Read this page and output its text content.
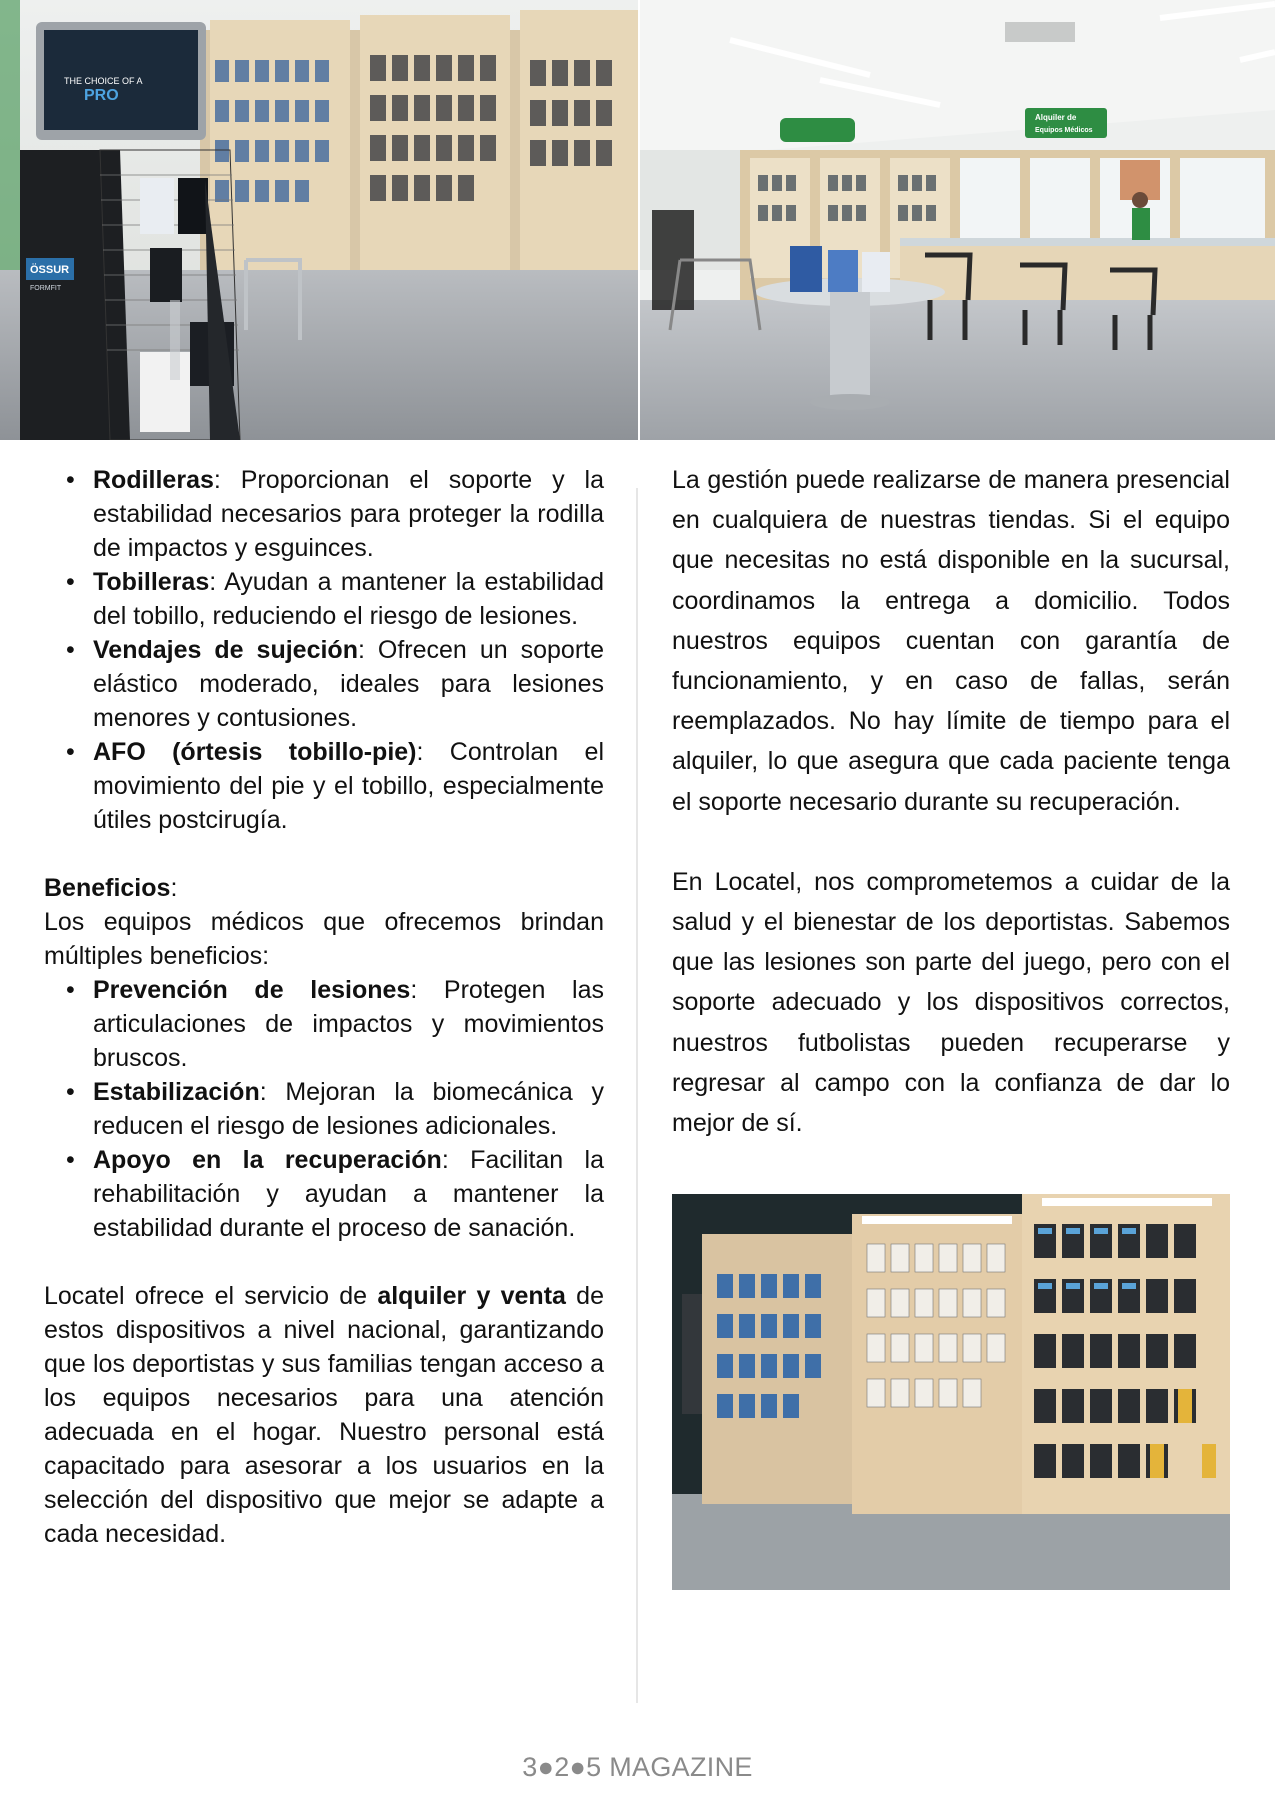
THE CHOICE OF A
PRO
ÖSSUR
FORMFIT
Alquiler de
Equipos Médicos
• Rodilleras: Proporcionan el soporte y la estabilidad necesarios para proteger la rodilla de impactos y esguinces.
• Tobilleras: Ayudan a mantener la estabilidad del tobillo, reduciendo el riesgo de lesiones.
• Vendajes de sujeción: Ofrecen un soporte elástico moderado, ideales para lesiones menores y contusiones.
• AFO (órtesis tobillo-pie): Controlan el movimiento del pie y el tobillo, especialmente útiles postcirugía.

Beneficios:

Los equipos médicos que ofrecemos brindan múltiples beneficios:

• Prevención de lesiones: Protegen las articulaciones de impactos y movimientos bruscos.
• Estabilización: Mejoran la biomecánica y reducen el riesgo de lesiones adicionales.
• Apoyo en la recuperación: Facilitan la rehabilitación y ayudan a mantener la estabilidad durante el proceso de sanación.

Locatel ofrece el servicio de alquiler y venta de estos dispositivos a nivel nacional, garantizando que los deportistas y sus familias tengan acceso a los equipos necesarios para una atención adecuada en el hogar. Nuestro personal está capacitado para asesorar a los usuarios en la selección del dispositivo que mejor se adapte a cada necesidad.

La gestión puede realizarse de manera presencial en cualquiera de nuestras tiendas. Si el equipo que necesitas no está disponible en la sucursal, coordinamos la entrega a domicilio. Todos nuestros equipos cuentan con garantía de funcionamiento, y en caso de fallas, serán reemplazados. No hay límite de tiempo para el alquiler, lo que asegura que cada paciente tenga el soporte necesario durante su recuperación.

En Locatel, nos comprometemos a cuidar de la salud y el bienestar de los deportistas. Sabemos que las lesiones son parte del juego, pero con el soporte adecuado y los dispositivos correctos, nuestros futbolistas pueden recuperarse y regresar al campo con la confianza de dar lo mejor de sí.

3●2●5 MAGAZINE
